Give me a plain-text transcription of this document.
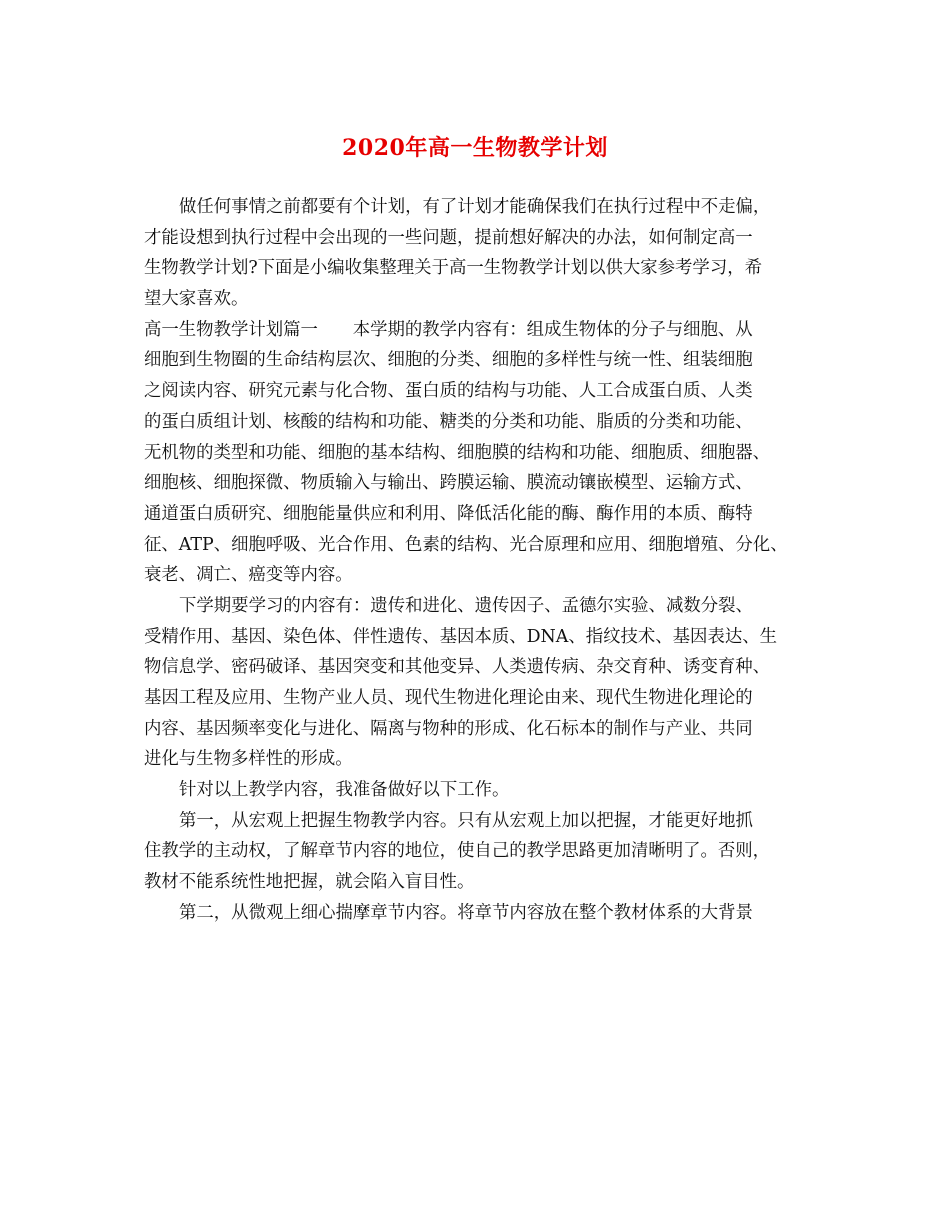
2020年高一生物教学计划
做任何事情之前都要有个计划，有了计划才能确保我们在执行过程中不走偏，
才能设想到执行过程中会出现的一些问题，提前想好解决的办法，如何制定高一
生物教学计划?下面是小编收集整理关于高一生物教学计划以供大家参考学习，希
望大家喜欢。
高一生物教学计划篇一　　本学期的教学内容有：组成生物体的分子与细胞、从
细胞到生物圈的生命结构层次、细胞的分类、细胞的多样性与统一性、组装细胞
之阅读内容、研究元素与化合物、蛋白质的结构与功能、人工合成蛋白质、人类
的蛋白质组计划、核酸的结构和功能、糖类的分类和功能、脂质的分类和功能、
无机物的类型和功能、细胞的基本结构、细胞膜的结构和功能、细胞质、细胞器、
细胞核、细胞探微、物质输入与输出、跨膜运输、膜流动镶嵌模型、运输方式、
通道蛋白质研究、细胞能量供应和利用、降低活化能的酶、酶作用的本质、酶特
征、ATP、细胞呼吸、光合作用、色素的结构、光合原理和应用、细胞增殖、分化、
衰老、凋亡、癌变等内容。
下学期要学习的内容有：遗传和进化、遗传因子、孟德尔实验、减数分裂、
受精作用、基因、染色体、伴性遗传、基因本质、DNA、指纹技术、基因表达、生
物信息学、密码破译、基因突变和其他变异、人类遗传病、杂交育种、诱变育种、
基因工程及应用、生物产业人员、现代生物进化理论由来、现代生物进化理论的
内容、基因频率变化与进化、隔离与物种的形成、化石标本的制作与产业、共同
进化与生物多样性的形成。
针对以上教学内容，我准备做好以下工作。
第一，从宏观上把握生物教学内容。只有从宏观上加以把握，才能更好地抓
住教学的主动权，了解章节内容的地位，使自己的教学思路更加清晰明了。否则，
教材不能系统性地把握，就会陷入盲目性。
第二，从微观上细心揣摩章节内容。将章节内容放在整个教材体系的大背景
